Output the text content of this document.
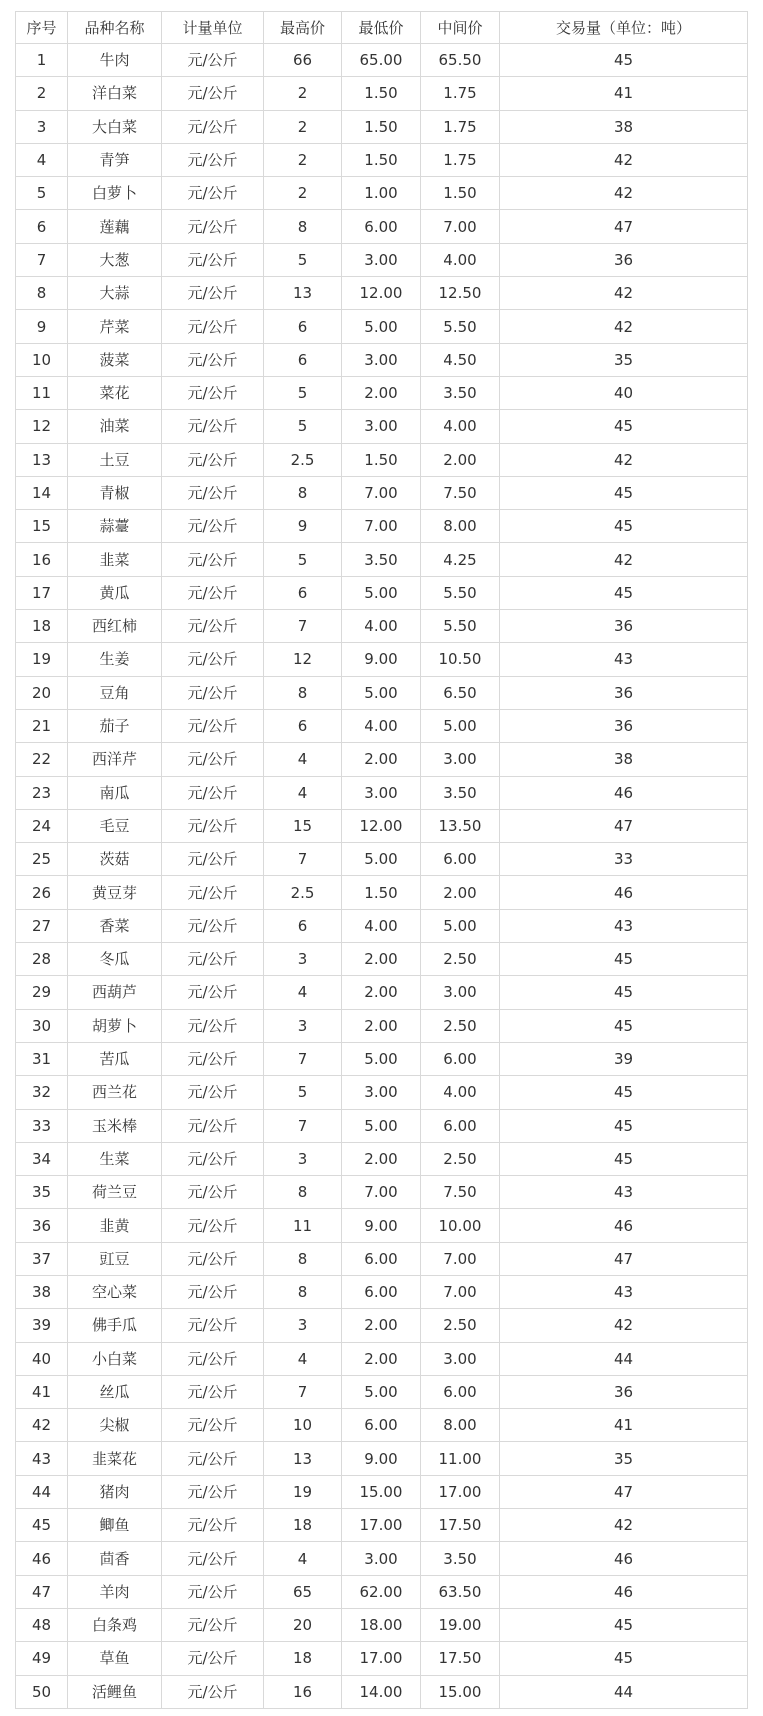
序号	品种名称	计量单位	最高价	最低价	中间价	交易量（单位：吨）
1	牛肉	元/公斤	66	65.00	65.50	45
2	洋白菜	元/公斤	2	1.50	1.75	41
3	大白菜	元/公斤	2	1.50	1.75	38
4	青笋	元/公斤	2	1.50	1.75	42
5	白萝卜	元/公斤	2	1.00	1.50	42
6	莲藕	元/公斤	8	6.00	7.00	47
7	大葱	元/公斤	5	3.00	4.00	36
8	大蒜	元/公斤	13	12.00	12.50	42
9	芹菜	元/公斤	6	5.00	5.50	42
10	菠菜	元/公斤	6	3.00	4.50	35
11	菜花	元/公斤	5	2.00	3.50	40
12	油菜	元/公斤	5	3.00	4.00	45
13	土豆	元/公斤	2.5	1.50	2.00	42
14	青椒	元/公斤	8	7.00	7.50	45
15	蒜薹	元/公斤	9	7.00	8.00	45
16	韭菜	元/公斤	5	3.50	4.25	42
17	黄瓜	元/公斤	6	5.00	5.50	45
18	西红柿	元/公斤	7	4.00	5.50	36
19	生姜	元/公斤	12	9.00	10.50	43
20	豆角	元/公斤	8	5.00	6.50	36
21	茄子	元/公斤	6	4.00	5.00	36
22	西洋芹	元/公斤	4	2.00	3.00	38
23	南瓜	元/公斤	4	3.00	3.50	46
24	毛豆	元/公斤	15	12.00	13.50	47
25	茨菇	元/公斤	7	5.00	6.00	33
26	黄豆芽	元/公斤	2.5	1.50	2.00	46
27	香菜	元/公斤	6	4.00	5.00	43
28	冬瓜	元/公斤	3	2.00	2.50	45
29	西葫芦	元/公斤	4	2.00	3.00	45
30	胡萝卜	元/公斤	3	2.00	2.50	45
31	苦瓜	元/公斤	7	5.00	6.00	39
32	西兰花	元/公斤	5	3.00	4.00	45
33	玉米棒	元/公斤	7	5.00	6.00	45
34	生菜	元/公斤	3	2.00	2.50	45
35	荷兰豆	元/公斤	8	7.00	7.50	43
36	韭黄	元/公斤	11	9.00	10.00	46
37	豇豆	元/公斤	8	6.00	7.00	47
38	空心菜	元/公斤	8	6.00	7.00	43
39	佛手瓜	元/公斤	3	2.00	2.50	42
40	小白菜	元/公斤	4	2.00	3.00	44
41	丝瓜	元/公斤	7	5.00	6.00	36
42	尖椒	元/公斤	10	6.00	8.00	41
43	韭菜花	元/公斤	13	9.00	11.00	35
44	猪肉	元/公斤	19	15.00	17.00	47
45	鲫鱼	元/公斤	18	17.00	17.50	42
46	茴香	元/公斤	4	3.00	3.50	46
47	羊肉	元/公斤	65	62.00	63.50	46
48	白条鸡	元/公斤	20	18.00	19.00	45
49	草鱼	元/公斤	18	17.00	17.50	45
50	活鲤鱼	元/公斤	16	14.00	15.00	44
